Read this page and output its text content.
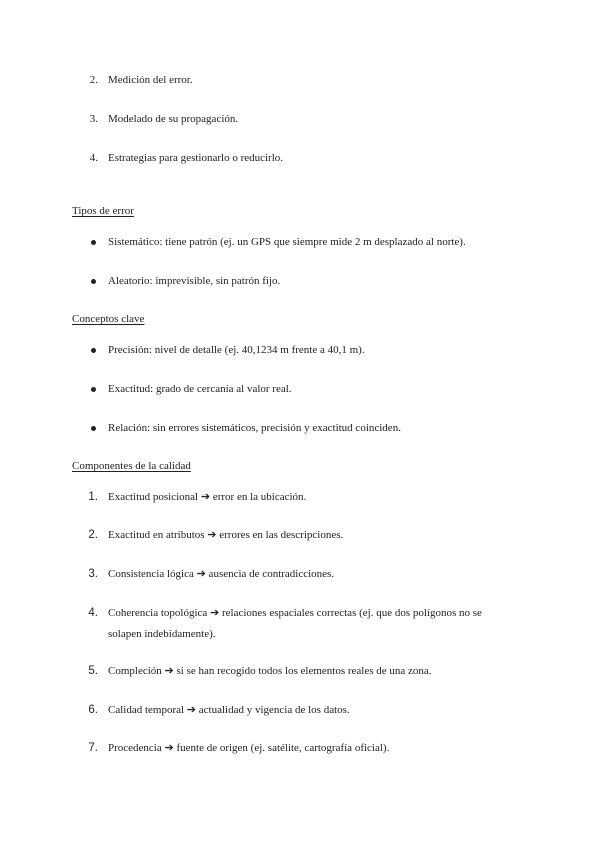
2. Medición del error.
3. Modelado de su propagación.
4. Estrategias para gestionarlo o reducirlo.
Tipos de error
Sistemático: tiene patrón (ej. un GPS que siempre mide 2 m desplazado al norte).
Aleatorio: imprevisible, sin patrón fijo.
Conceptos clave
Precisión: nivel de detalle (ej. 40,1234 m frente a 40,1 m).
Exactitud: grado de cercanía al valor real.
Relación: sin errores sistemáticos, precisión y exactitud coinciden.
Componentes de la calidad
1. Exactitud posicional ➔ error en la ubicación.
2. Exactitud en atributos ➔ errores en las descripciones.
3. Consistencia lógica ➔ ausencia de contradicciones.
4. Coherencia topológica ➔ relaciones espaciales correctas (ej. que dos polígonos no se
solapen indebidamente).
5. Compleción ➔ si se han recogido todos los elementos reales de una zona.
6. Calidad temporal ➔ actualidad y vigencia de los datos.
7. Procedencia ➔ fuente de origen (ej. satélite, cartografía oficial).
